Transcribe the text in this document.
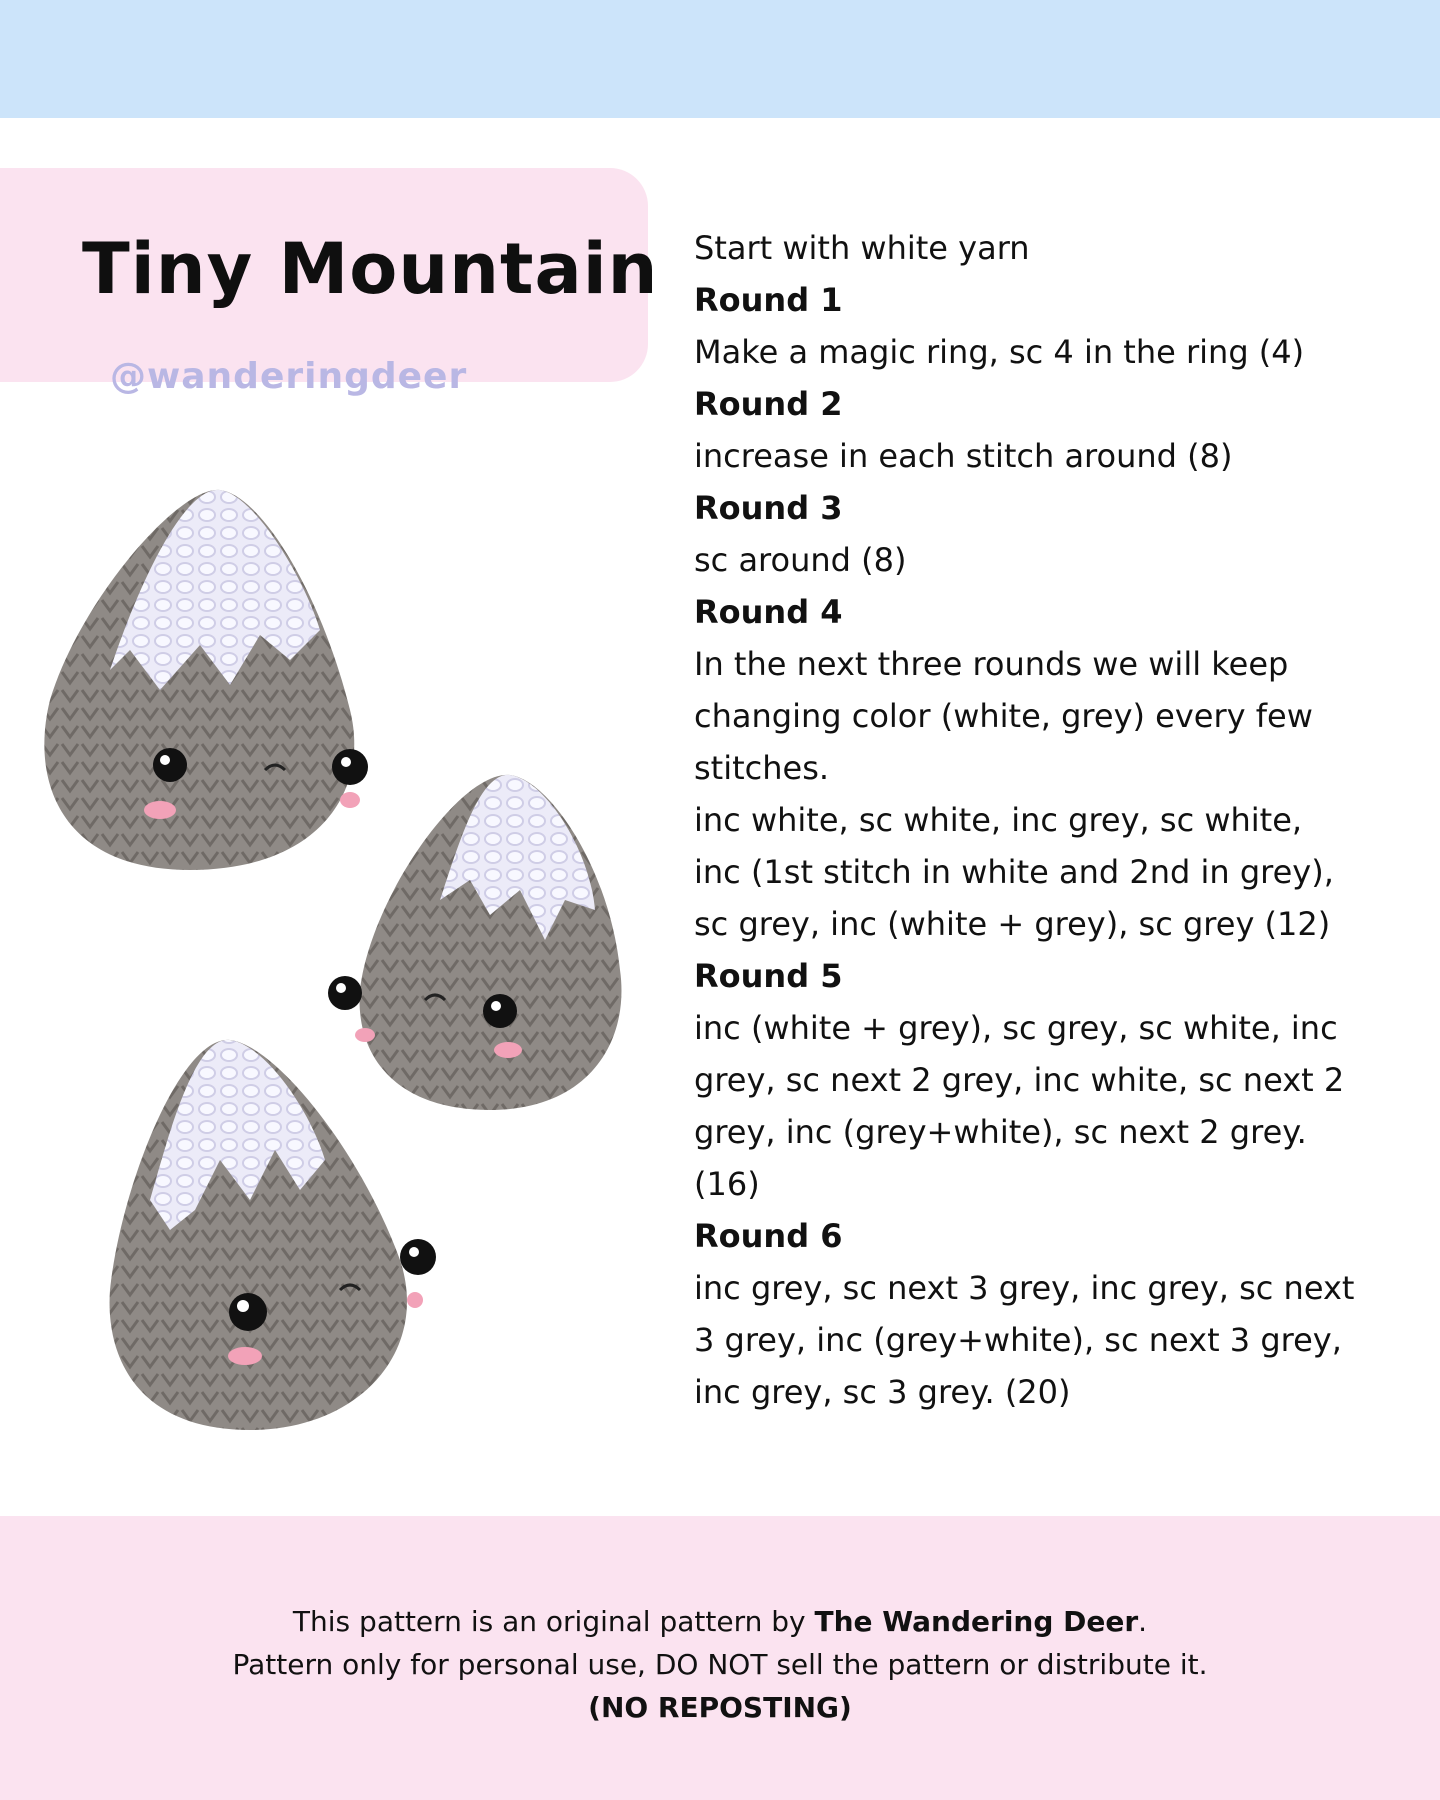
Tiny Mountain

@wanderingdeer

Start with white yarn

Round 1

Make a magic ring, sc 4 in the ring (4)

Round 2

increase in each stitch around (8)

Round 3

sc around (8)

Round 4

In the next three rounds we will keep

changing color (white, grey) every few

stitches.

inc white, sc white, inc grey, sc white,

inc (1st stitch in white and 2nd in grey),

sc grey, inc (white + grey), sc grey (12)

Round 5

inc (white + grey), sc grey, sc white, inc

grey, sc next 2 grey, inc white, sc next 2

grey, inc (grey+white), sc next 2 grey.

(16)

Round 6

inc grey, sc next 3 grey, inc grey, sc next

3 grey, inc (grey+white), sc next 3 grey,

inc grey, sc 3 grey. (20)

This pattern is an original pattern by The Wandering Deer.

Pattern only for personal use, DO NOT sell the pattern or distribute it.

(NO REPOSTING)
